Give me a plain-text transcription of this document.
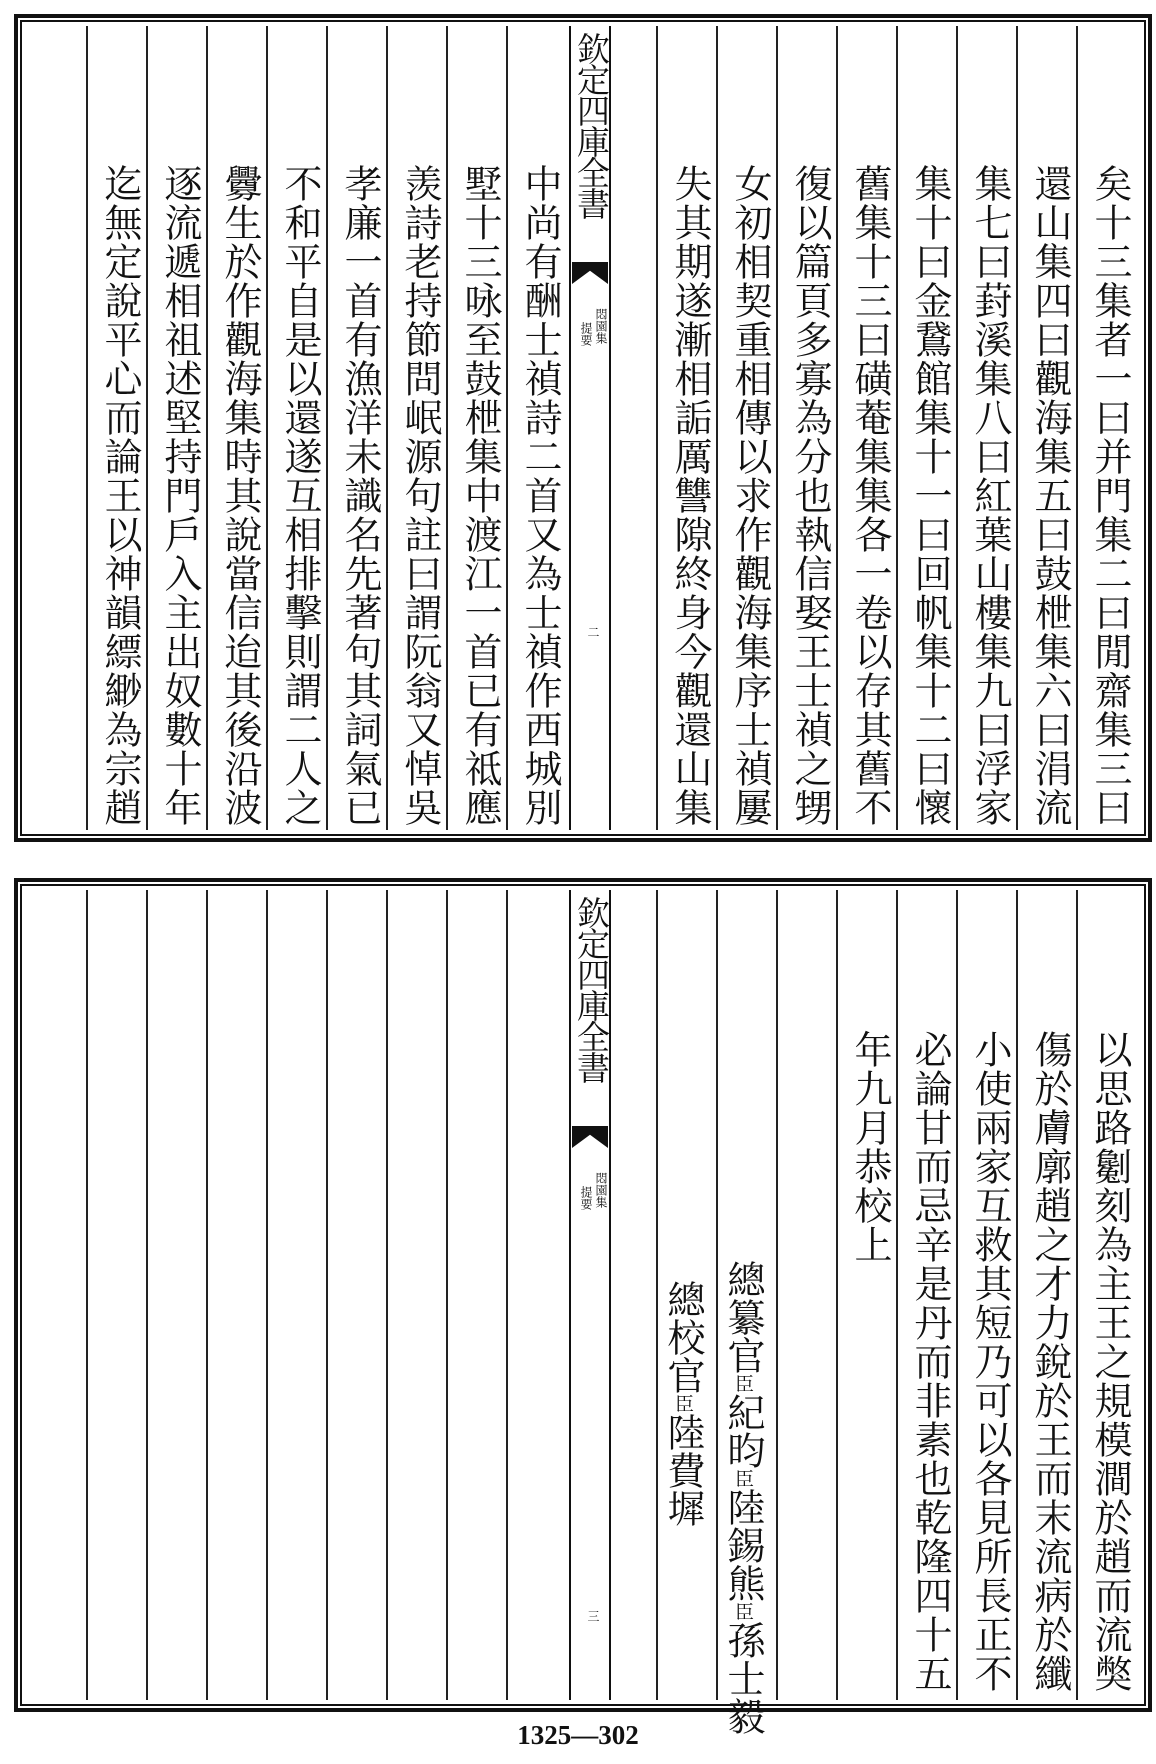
欽定四庫全書
悶園集
提要
二	矣十三集者一曰并門集二曰閒齋集三曰
還山集四曰觀海集五曰鼓枻集六曰涓流
集七曰葑溪集八曰紅葉山樓集九曰浮家
集十曰金鵞館集十一曰回帆集十二曰懷
舊集十三曰磺菴集集各一卷以存其舊不
復以篇頁多寡為分也執信娶王士禎之甥
女初相契重相傳以求作觀海集序士禎屢
失其期遂漸相詬厲讐隙終身今觀還山集
中尚有酬士禎詩二首又為士禎作西城別
墅十三咏至鼓枻集中渡江一首已有祗應
羡詩老持節問岷源句註曰謂阮翁又悼吳
孝廉一首有漁洋未識名先著句其詞氣已
不和平自是以還遂互相排擊則謂二人之
釁生於作觀海集時其說當信迨其後沿波
逐流遞相祖述堅持門戶入主出奴數十年
迄無定說平心而論王以神韻縹緲為宗趙
欽定四庫全書
悶園集
提要
三
總纂官臣紀昀臣陸錫熊臣孫士毅
總校官臣陸費墀	以思路劖刻為主王之規模澗於趙而流獘
傷於膚廓趙之才力銳於王而末流病於纖
小使兩家互救其短乃可以各見所長正不
必論甘而忌辛是丹而非素也乾隆四十五
年九月恭校上
1325—302
